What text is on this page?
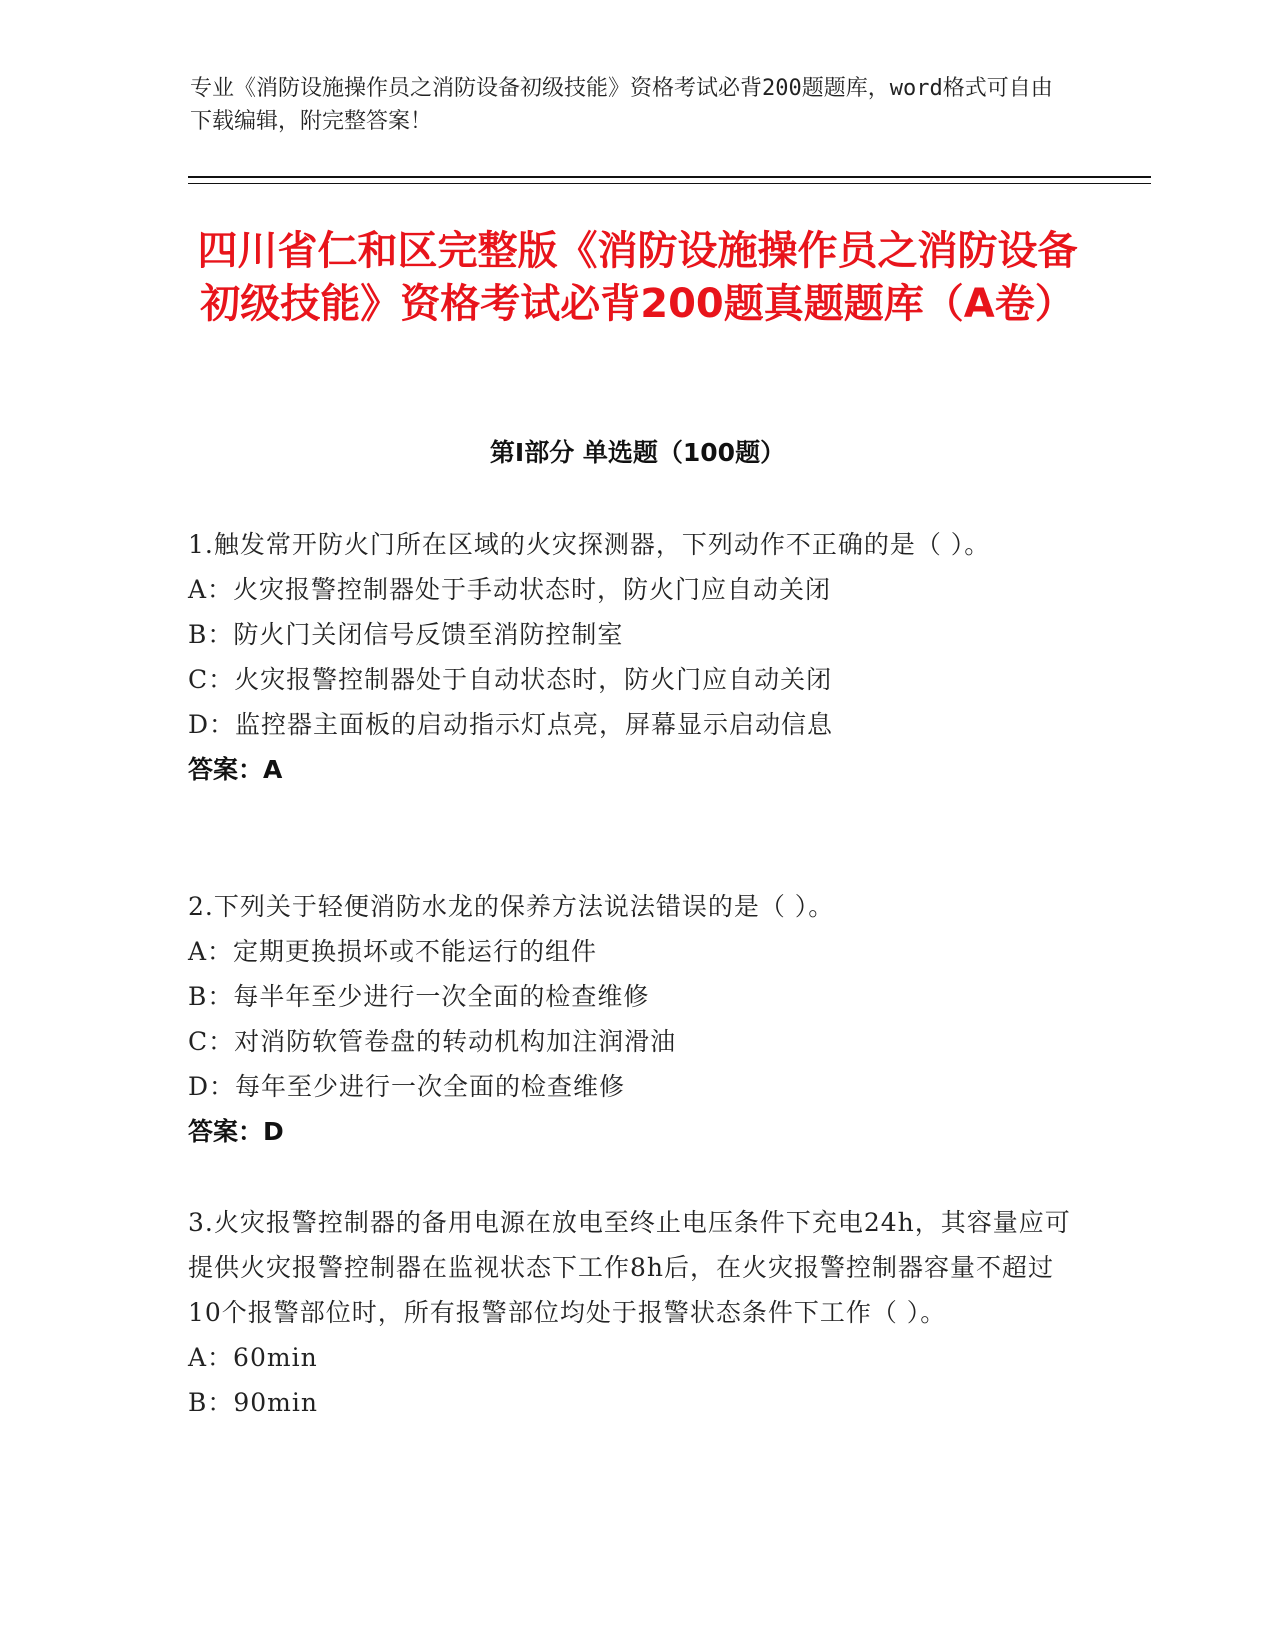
专业《消防设施操作员之消防设备初级技能》资格考试必背200题题库，word格式可自由下载编辑，附完整答案！
四川省仁和区完整版《消防设施操作员之消防设备初级技能》资格考试必背200题真题题库（A卷）
第Ⅰ部分 单选题（100题）

1.触发常开防火门所在区域的火灾探测器，下列动作不正确的是（ ）。

A：火灾报警控制器处于手动状态时，防火门应自动关闭

B：防火门关闭信号反馈至消防控制室

C：火灾报警控制器处于自动状态时，防火门应自动关闭

D：监控器主面板的启动指示灯点亮，屏幕显示启动信息

答案：A

2.下列关于轻便消防水龙的保养方法说法错误的是（ ）。

A：定期更换损坏或不能运行的组件

B：每半年至少进行一次全面的检查维修

C：对消防软管卷盘的转动机构加注润滑油

D：每年至少进行一次全面的检查维修

答案：D

3.火灾报警控制器的备用电源在放电至终止电压条件下充电24h，其容量应可提供火灾报警控制器在监视状态下工作8h后，在火灾报警控制器容量不超过10个报警部位时，所有报警部位均处于报警状态条件下工作（ ）。

A：60min

B：90min
